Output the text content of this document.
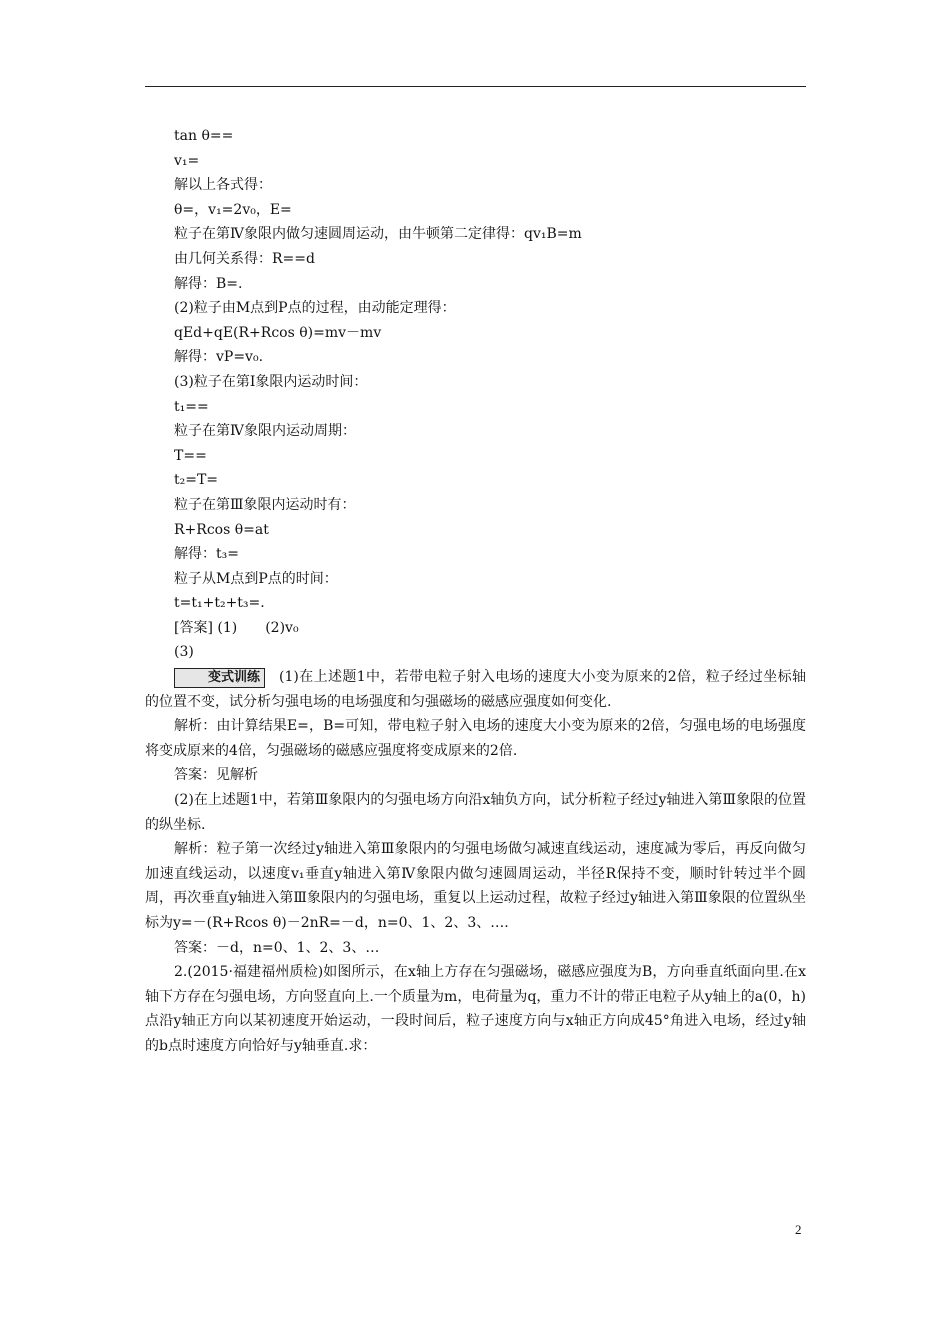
tan θ==
v₁=
解以上各式得：
θ=，v₁=2v₀，E=
粒子在第Ⅳ象限内做匀速圆周运动，由牛顿第二定律得：qv₁B=m
由几何关系得：R==d
解得：B=.
(2)粒子由M点到P点的过程，由动能定理得：
qEd+qE(R+Rcos θ)=mv－mv
解得：vP=v₀.
(3)粒子在第Ⅰ象限内运动时间：
t₁==
粒子在第Ⅳ象限内运动周期：
T==
t₂=T=
粒子在第Ⅲ象限内运动时有：
R+Rcos θ=at
解得：t₃=
粒子从M点到P点的时间：
t=t₁+t₂+t₃=.
[答案] (1)　　(2)v₀
(3)
变式训练 (1)在上述题1中，若带电粒子射入电场的速度大小变为原来的2倍，粒子经过坐标轴的位置不变，试分析匀强电场的电场强度和匀强磁场的磁感应强度如何变化.
解析：由计算结果E=，B=可知，带电粒子射入电场的速度大小变为原来的2倍，匀强电场的电场强度将变成原来的4倍，匀强磁场的磁感应强度将变成原来的2倍.
答案：见解析
(2)在上述题1中，若第Ⅲ象限内的匀强电场方向沿x轴负方向，试分析粒子经过y轴进入第Ⅲ象限的位置的纵坐标.
解析：粒子第一次经过y轴进入第Ⅲ象限内的匀强电场做匀减速直线运动，速度减为零后，再反向做匀加速直线运动，以速度v₁垂直y轴进入第Ⅳ象限内做匀速圆周运动，半径R保持不变，顺时针转过半个圆周，再次垂直y轴进入第Ⅲ象限内的匀强电场，重复以上运动过程，故粒子经过y轴进入第Ⅲ象限的位置纵坐标为y=－(R+Rcos θ)－2nR=－d，n=0、1、2、3、….
答案：－d，n=0、1、2、3、…
2.(2015·福建福州质检)如图所示，在x轴上方存在匀强磁场，磁感应强度为B，方向垂直纸面向里.在x轴下方存在匀强电场，方向竖直向上.一个质量为m，电荷量为q，重力不计的带正电粒子从y轴上的a(0，h)点沿y轴正方向以某初速度开始运动，一段时间后，粒子速度方向与x轴正方向成45°角进入电场，经过y轴的b点时速度方向恰好与y轴垂直.求：
2
